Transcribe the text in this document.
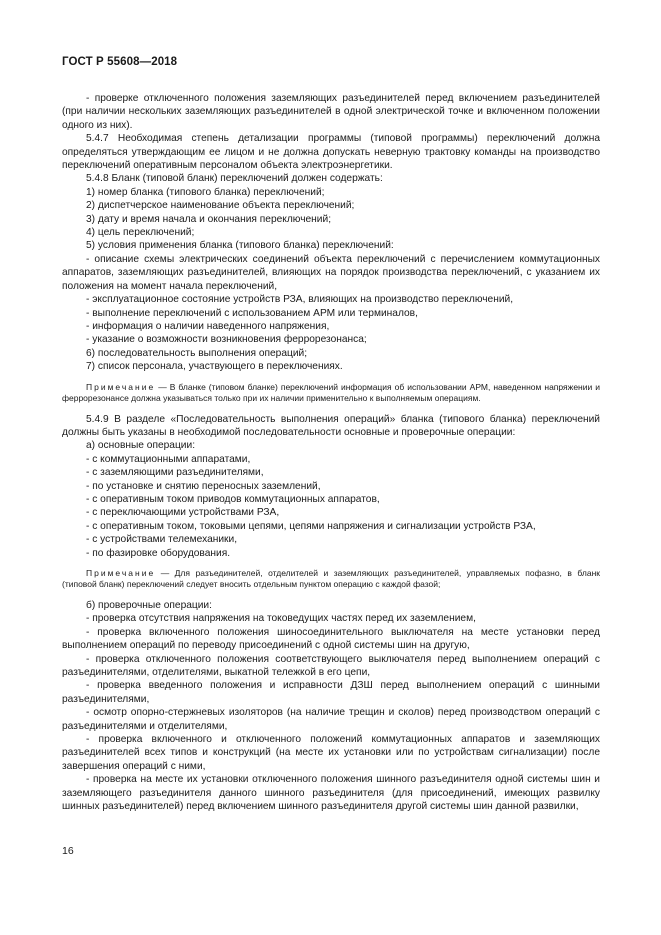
ГОСТ Р 55608—2018

- проверке отключенного положения заземляющих разъединителей перед включением разъединителей (при наличии нескольких заземляющих разъединителей в одной электрической точке и включенном положении одного из них).

5.4.7 Необходимая степень детализации программы (типовой программы) переключений должна определяться утверждающим ее лицом и не должна допускать неверную трактовку команды на производство переключений оперативным персоналом объекта электроэнергетики.

5.4.8 Бланк (типовой бланк) переключений должен содержать:

1) номер бланка (типового бланка) переключений;

2) диспетчерское наименование объекта переключений;

3) дату и время начала и окончания переключений;

4) цель переключений;

5) условия применения бланка (типового бланка) переключений:

- описание схемы электрических соединений объекта переключений с перечислением коммутационных аппаратов, заземляющих разъединителей, влияющих на порядок производства переключений, с указанием их положения на момент начала переключений,

- эксплуатационное состояние устройств РЗА, влияющих на производство переключений,

- выполнение переключений с использованием АРМ или терминалов,

- информация о наличии наведенного напряжения,

- указание о возможности возникновения феррорезонанса;

6) последовательность выполнения операций;

7) список персонала, участвующего в переключениях.

Примечание — В бланке (типовом бланке) переключений информация об использовании АРМ, наведенном напряжении и феррорезонансе должна указываться только при их наличии применительно к выполняемым операциям.

5.4.9 В разделе «Последовательность выполнения операций» бланка (типового бланка) переключений должны быть указаны в необходимой последовательности основные и проверочные операции:

а) основные операции:

- с коммутационными аппаратами,

- с заземляющими разъединителями,

- по установке и снятию переносных заземлений,

- с оперативным током приводов коммутационных аппаратов,

- с переключающими устройствами РЗА,

- с оперативным током, токовыми цепями, цепями напряжения и сигнализации устройств РЗА,

- с устройствами телемеханики,

- по фазировке оборудования.

Примечание — Для разъединителей, отделителей и заземляющих разъединителей, управляемых пофазно, в бланк (типовой бланк) переключений следует вносить отдельным пунктом операцию с каждой фазой;

б) проверочные операции:

- проверка отсутствия напряжения на токоведущих частях перед их заземлением,

- проверка включенного положения шиносоединительного выключателя на месте установки перед выполнением операций по переводу присоединений с одной системы шин на другую,

- проверка отключенного положения соответствующего выключателя перед выполнением операций с разъединителями, отделителями, выкатной тележкой в его цепи,

- проверка введенного положения и исправности ДЗШ перед выполнением операций с шинными разъединителями,

- осмотр опорно-стержневых изоляторов (на наличие трещин и сколов) перед производством операций с разъединителями и отделителями,

- проверка включенного и отключенного положений коммутационных аппаратов и заземляющих разъединителей всех типов и конструкций (на месте их установки или по устройствам сигнализации) после завершения операций с ними,

- проверка на месте их установки отключенного положения шинного разъединителя одной системы шин и заземляющего разъединителя данного шинного разъединителя (для присоединений, имеющих развилку шинных разъединителей) перед включением шинного разъединителя другой системы шин данной развилки,

16
